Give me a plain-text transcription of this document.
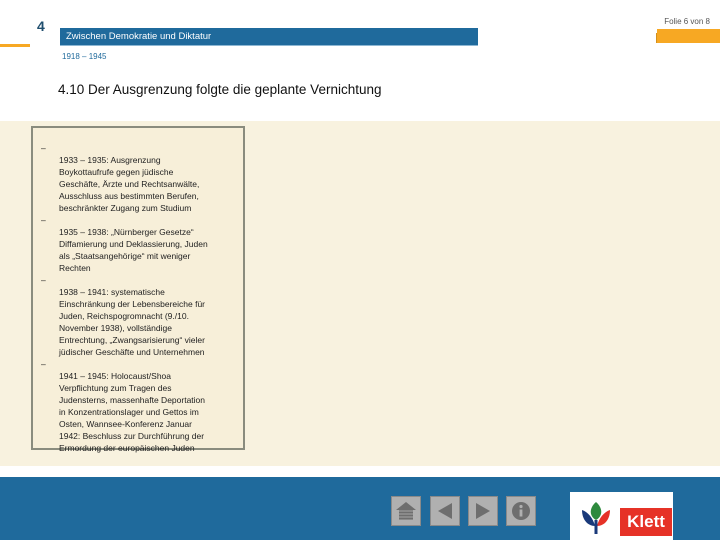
4	Folie 6 von 8
Zwischen Demokratie und Diktatur
1918 – 1945
4.10 Der Ausgrenzung folgte die geplante Vernichtung

–
1933 – 1935: Ausgrenzung
Boykottaufrufe gegen jüdische
Geschäfte, Ärzte und Rechtsanwälte,
Ausschluss aus bestimmten Berufen,
beschränkter Zugang zum Studium

–
1935 – 1938: „Nürnberger Gesetze“
Diffamierung und Deklassierung, Juden
als „Staatsangehörige“ mit weniger
Rechten

–
1938 – 1941: systematische
Einschränkung der Lebensbereiche für
Juden, Reichspogromnacht (9./10.
November 1938), vollständige
Entrechtung, „Zwangsarisierung“ vieler
jüdischer Geschäfte und Unternehmen

–
1941 – 1945: Holocaust/Shoa
Verpflichtung zum Tragen des
Judensterns, massenhafte Deportation
in Konzentrationslager und Gettos im
Osten, Wannsee-Konferenz Januar
1942: Beschluss zur Durchführung der
Ermordung der europäischen Juden

Klett
